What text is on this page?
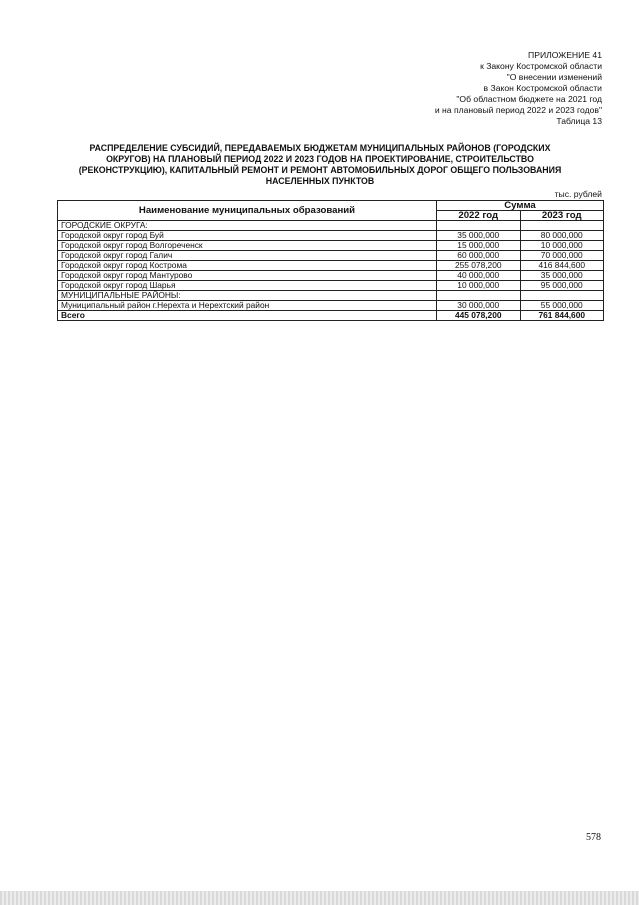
ПРИЛОЖЕНИЕ 41
к Закону Костромской области
"О внесении изменений
в Закон Костромской области
"Об областном бюджете на 2021 год
и на плановый период 2022 и 2023 годов"
Таблица 13
РАСПРЕДЕЛЕНИЕ СУБСИДИЙ, ПЕРЕДАВАЕМЫХ БЮДЖЕТАМ МУНИЦИПАЛЬНЫХ РАЙОНОВ (ГОРОДСКИХ
ОКРУГОВ) НА ПЛАНОВЫЙ ПЕРИОД 2022 И 2023 ГОДОВ НА ПРОЕКТИРОВАНИЕ, СТРОИТЕЛЬСТВО
(РЕКОНСТРУКЦИЮ), КАПИТАЛЬНЫЙ РЕМОНТ И РЕМОНТ АВТОМОБИЛЬНЫХ ДОРОГ ОБЩЕГО ПОЛЬЗОВАНИЯ
НАСЕЛЕННЫХ ПУНКТОВ
тыс. рублей
Наименование муниципальных образований	Сумма	
	2022 год	2023 год
ГОРОДСКИЕ ОКРУГА:		
Городской округ город Буй	35 000,000	80 000,000
Городской округ город Волгореченск	15 000,000	10 000,000
Городской округ город Галич	60 000,000	70 000,000
Городской округ город Кострома	255 078,200	416 844,600
Городской округ город Мантурово	40 000,000	35 000,000
Городской округ город Шарья	10 000,000	95 000,000
МУНИЦИПАЛЬНЫЕ РАЙОНЫ:		
Муниципальный район г.Нерехта и Нерехтский район	30 000,000	55 000,000
Всего	445 078,200	761 844,600
578
